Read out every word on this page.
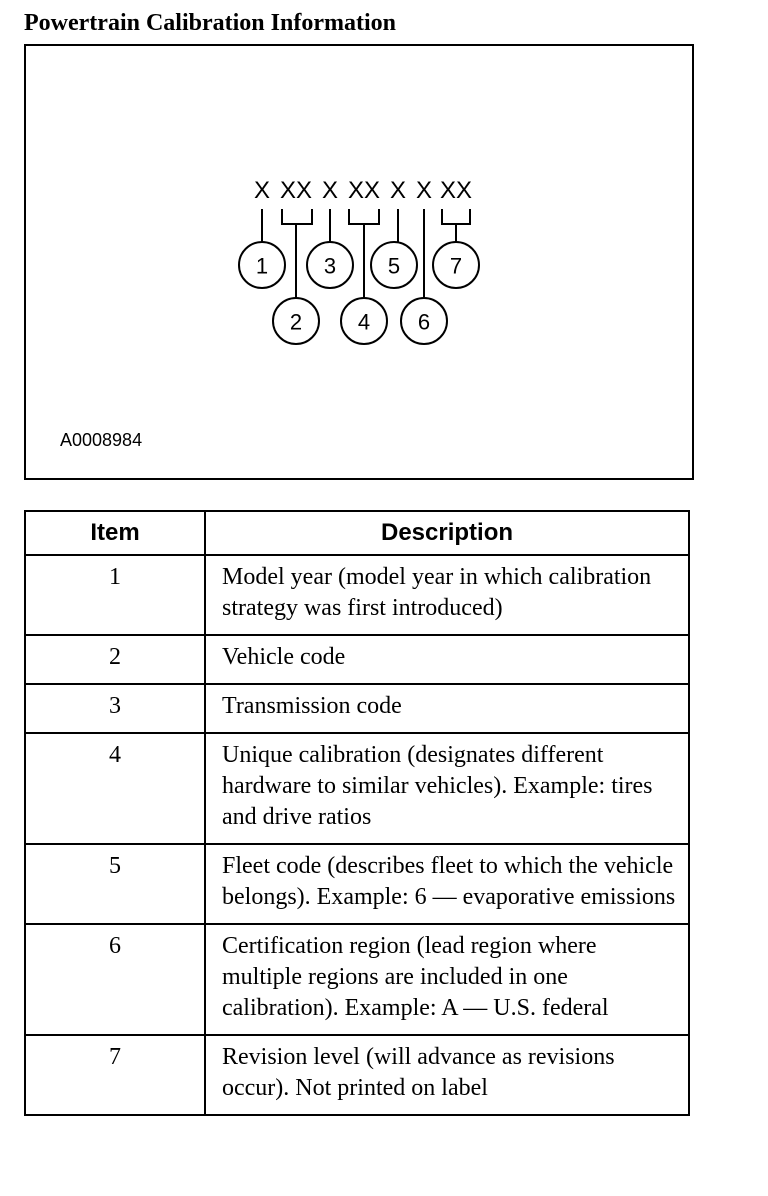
Powertrain Calibration Information
X XX X XX X X XX
1
2
3
4
5
6
7
A0008984
Item	Description
1	Model year (model year in which calibration strategy was first introduced)
2	Vehicle code
3	Transmission code
4	Unique calibration (designates different hardware to similar vehicles). Example: tires and drive ratios
5	Fleet code (describes fleet to which the vehicle belongs). Example: 6 — evaporative emissions
6	Certification region (lead region where multiple regions are included in one calibration). Example: A — U.S. federal
7	Revision level (will advance as revisions occur). Not printed on label
